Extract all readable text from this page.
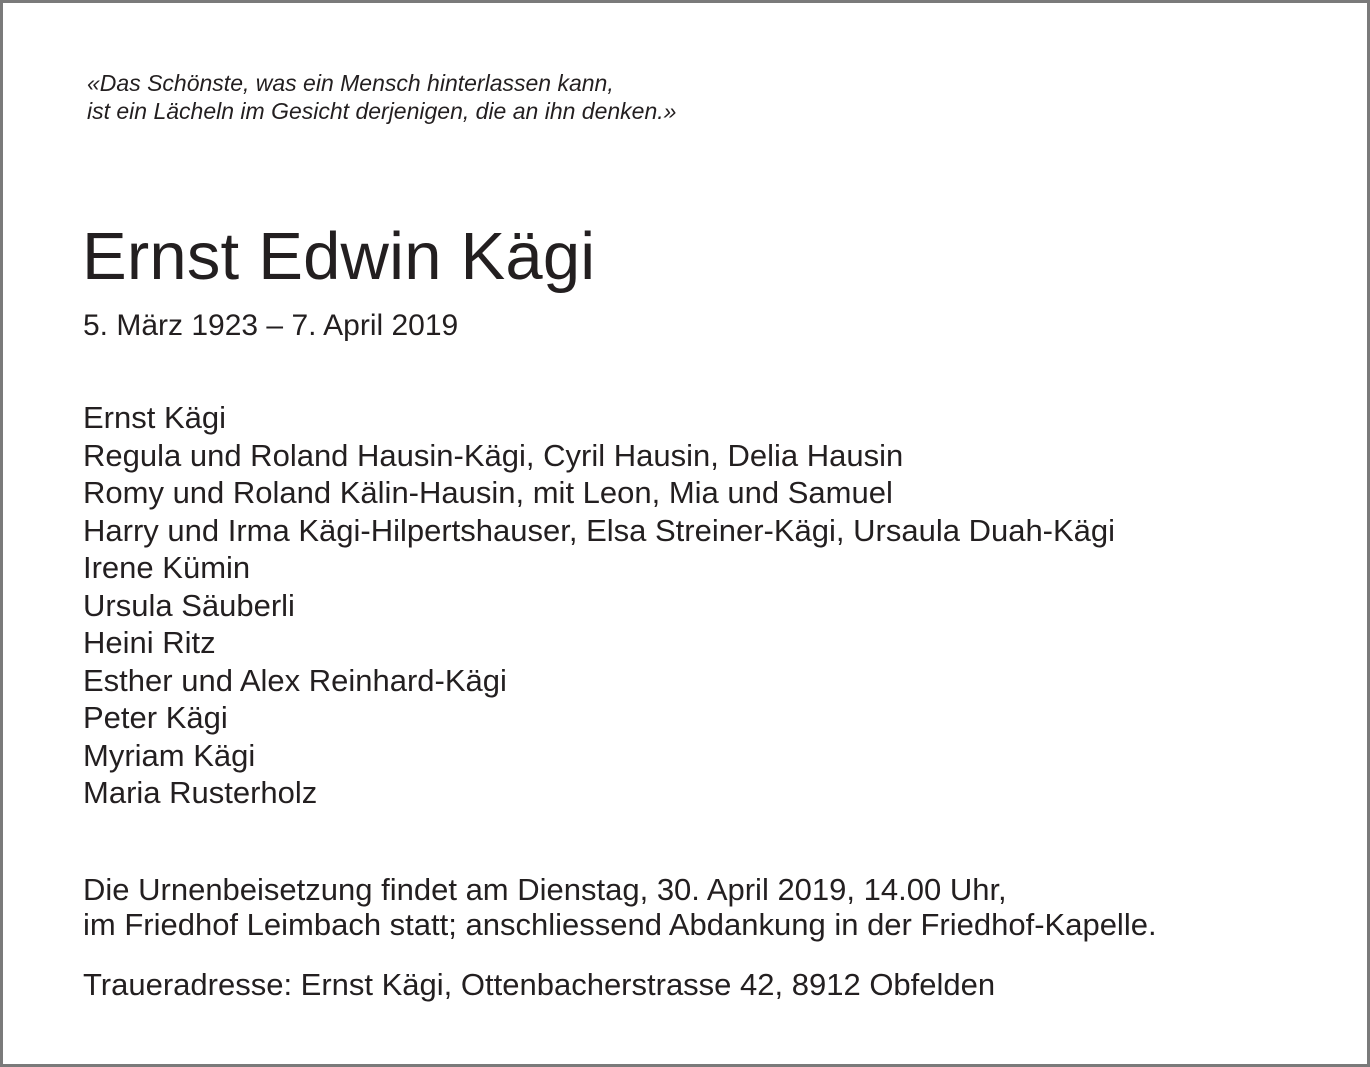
«Das Schönste, was ein Mensch hinterlassen kann,
ist ein Lächeln im Gesicht derjenigen, die an ihn denken.»

Ernst Edwin Kägi

5. März 1923 – 7. April 2019

Ernst Kägi
Regula und Roland Hausin-Kägi, Cyril Hausin, Delia Hausin
Romy und Roland Kälin-Hausin, mit Leon, Mia und Samuel
Harry und Irma Kägi-Hilpertshauser, Elsa Streiner-Kägi, Ursaula Duah-Kägi
Irene Kümin
Ursula Säuberli
Heini Ritz
Esther und Alex Reinhard-Kägi
Peter Kägi
Myriam Kägi
Maria Rusterholz

Die Urnenbeisetzung findet am Dienstag, 30. April 2019, 14.00 Uhr,
im Friedhof Leimbach statt; anschliessend Abdankung in der Friedhof-Kapelle.

Traueradresse: Ernst Kägi, Ottenbacherstrasse 42, 8912 Obfelden
